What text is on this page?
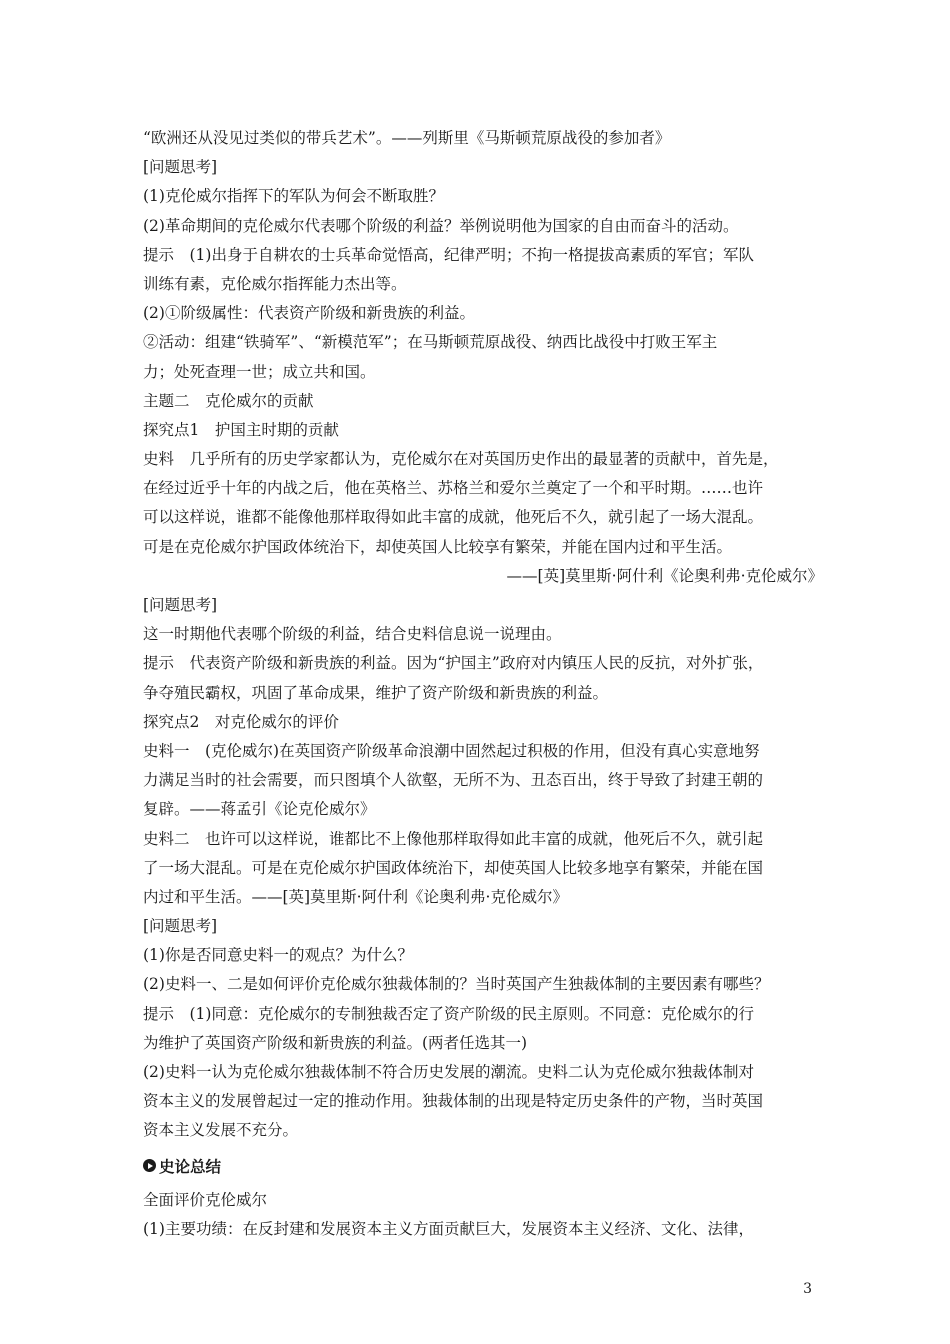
“欧洲还从没见过类似的带兵艺术”。——列斯里《马斯顿荒原战役的参加者》
[问题思考]
(1)克伦威尔指挥下的军队为何会不断取胜？
(2)革命期间的克伦威尔代表哪个阶级的利益？举例说明他为国家的自由而奋斗的活动。
提示　(1)出身于自耕农的士兵革命觉悟高，纪律严明；不拘一格提拔高素质的军官；军队
训练有素，克伦威尔指挥能力杰出等。
(2)①阶级属性：代表资产阶级和新贵族的利益。
②活动：组建“铁骑军”、“新模范军”；在马斯顿荒原战役、纳西比战役中打败王军主
力；处死查理一世；成立共和国。
主题二　克伦威尔的贡献
探究点1　护国主时期的贡献
史料　几乎所有的历史学家都认为，克伦威尔在对英国历史作出的最显著的贡献中，首先是，
在经过近乎十年的内战之后，他在英格兰、苏格兰和爱尔兰奠定了一个和平时期。……也许
可以这样说，谁都不能像他那样取得如此丰富的成就，他死后不久，就引起了一场大混乱。
可是在克伦威尔护国政体统治下，却使英国人比较享有繁荣，并能在国内过和平生活。
——[英]莫里斯·阿什利《论奥利弗·克伦威尔》
[问题思考]
这一时期他代表哪个阶级的利益，结合史料信息说一说理由。
提示　代表资产阶级和新贵族的利益。因为“护国主”政府对内镇压人民的反抗，对外扩张，
争夺殖民霸权，巩固了革命成果，维护了资产阶级和新贵族的利益。
探究点2　对克伦威尔的评价
史料一　(克伦威尔)在英国资产阶级革命浪潮中固然起过积极的作用，但没有真心实意地努
力满足当时的社会需要，而只图填个人欲壑，无所不为、丑态百出，终于导致了封建王朝的
复辟。——蒋孟引《论克伦威尔》
史料二　也许可以这样说，谁都比不上像他那样取得如此丰富的成就，他死后不久，就引起
了一场大混乱。可是在克伦威尔护国政体统治下，却使英国人比较多地享有繁荣，并能在国
内过和平生活。——[英]莫里斯·阿什利《论奥利弗·克伦威尔》
[问题思考]
(1)你是否同意史料一的观点？为什么？
(2)史料一、二是如何评价克伦威尔独裁体制的？当时英国产生独裁体制的主要因素有哪些？
提示　(1)同意：克伦威尔的专制独裁否定了资产阶级的民主原则。不同意：克伦威尔的行
为维护了英国资产阶级和新贵族的利益。(两者任选其一)
(2)史料一认为克伦威尔独裁体制不符合历史发展的潮流。史料二认为克伦威尔独裁体制对
资本主义的发展曾起过一定的推动作用。独裁体制的出现是特定历史条件的产物，当时英国
资本主义发展不充分。
史论总结
全面评价克伦威尔
(1)主要功绩：在反封建和发展资本主义方面贡献巨大，发展资本主义经济、文化、法律，
3
